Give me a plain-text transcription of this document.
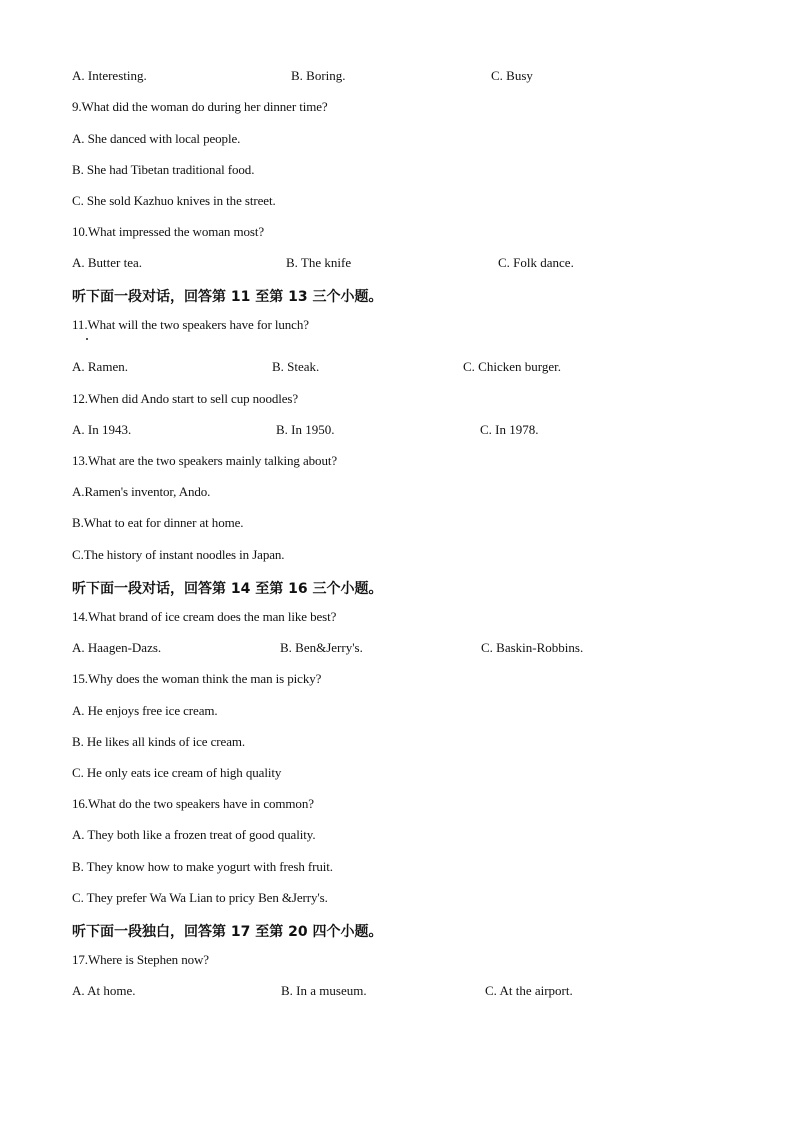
A. Interesting.	B. Boring.	C. Busy
9.What did the woman do during her dinner time?
A. She danced with local people.
B. She had Tibetan traditional food.
C. She sold Kazhuo knives in the street.
10.What impressed the woman most?
A. Butter tea.	B. The knife	C. Folk dance.
听下面一段对话，回答第 11 至第 13 三个小题。
11.What will the two speakers have for lunch?
A. Ramen.	B. Steak.	C. Chicken burger.
12.When did Ando start to sell cup noodles?
A. In 1943.	B. In 1950.	C. In 1978.
13.What are the two speakers mainly talking about?
A.Ramen's inventor, Ando.
B.What to eat for dinner at home.
C.The history of instant noodles in Japan.
听下面一段对话，回答第 14 至第 16 三个小题。
14.What brand of ice cream does the man like best?
A. Haagen-Dazs.	B. Ben&Jerry's.	C. Baskin-Robbins.
15.Why does the woman think the man is picky?
A. He enjoys free ice cream.
B. He likes all kinds of ice cream.
C. He only eats ice cream of high quality
16.What do the two speakers have in common?
A. They both like a frozen treat of good quality.
B. They know how to make yogurt with fresh fruit.
C. They prefer Wa Wa Lian to pricy Ben &Jerry's.
听下面一段独白，回答第 17 至第 20 四个小题。
17.Where is Stephen now?
A. At home.	B. In a museum.	C. At the airport.
